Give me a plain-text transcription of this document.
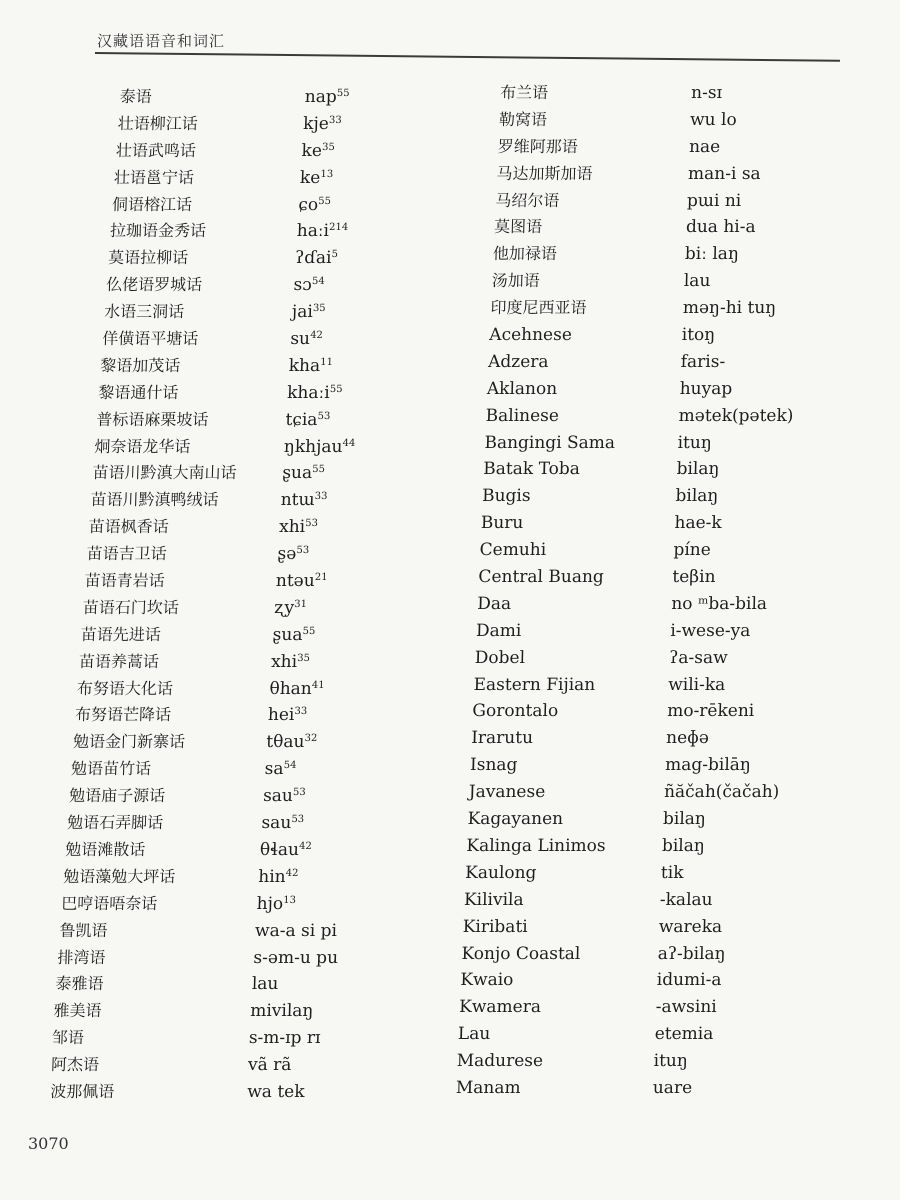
汉藏语语音和词汇
泰语
壮语柳江话
壮语武鸣话
壮语邕宁话
侗语榕江话
拉珈语金秀话
莫语拉柳话
仫佬语罗城话
水语三洞话
佯僙语平塘话
黎语加茂话
黎语通什话
普标语麻栗坡话
炯奈语龙华话
苗语川黔滇大南山话
苗语川黔滇鸭绒话
苗语枫香话
苗语吉卫话
苗语青岩话
苗语石门坎话
苗语先进话
苗语养蒿话
布努语大化话
布努语芒降话
勉语金门新寨话
勉语苗竹话
勉语庙子源话
勉语石弄脚话
勉语滩散话
勉语藻勉大坪话
巴哼语唔奈话
鲁凯语
排湾语
泰雅语
雅美语
邹语
阿杰语
波那佩语
nap$^{55}$
kje$^{33}$
$ke^{35}$
$ke^{13}$
ɕo$^{55}$
haːi$^{214}$
ʔɗai$^5$
sɔ$^{54}$
jai$^{35}$
$su^{42}$
kha$^{11}$
khaːi$^{55}$
tɕia$^{53}$
ŋkhjau$^{44}$
ʂua$^{55}$
ntɯ$^{33}$
xhi$^{53}$
ʂə$^{53}$
ntəu$^{21}$
ʐy$^{31}$
ʂua$^{55}$
xhi$^{35}$
θhan$^{41}$
hei$^{33}$
tθau$^{32}$
$sa^{54}$
sau$^{53}$
sau$^{53}$
θɬau$^{42}$
hin$^{42}$
hjo$^{13}$
wa-a si pi
s-əm-u pu
lau
mivilaŋ
s-m-ɪp rɪ
vã rã
wa tek
布兰语
勒窝语
罗维阿那语
马达加斯加语
马绍尔语
莫图语
他加禄语
汤加语
印度尼西亚语
Acehnese
Adzera
Aklanon
Balinese
Bangingi Sama
Batak Toba
Bugis
Buru
Cemuhi
Central Buang
Daa
Dami
Dobel
Eastern Fijian
Gorontalo
Irarutu
Isnag
Javanese
Kagayanen
Kalinga Linimos
Kaulong
Kilivila
Kiribati
Konjo Coastal
Kwaio
Kwamera
Lau
Madurese
Manam
n-sɪ
wu lo
nae
man-i sa
pɯi ni
dua hi-a
biː laŋ
lau
məŋ-hi tuŋ
itoŋ
faris-
huyap
mətek(pətek)
ituŋ
bilaŋ
bilaŋ
hae-k
píne
teβin
no ᵐba-bila
i-wese-ya
ʔa-saw
wili-ka
mo-rēkeni
neɸə
mag-bilāŋ
ñăčah(čačah)
bilaŋ
bilaŋ
tik
-kalau
wareka
aʔ-bilaŋ
idumi-a
-awsini
etemia
ituŋ
uare
3070
